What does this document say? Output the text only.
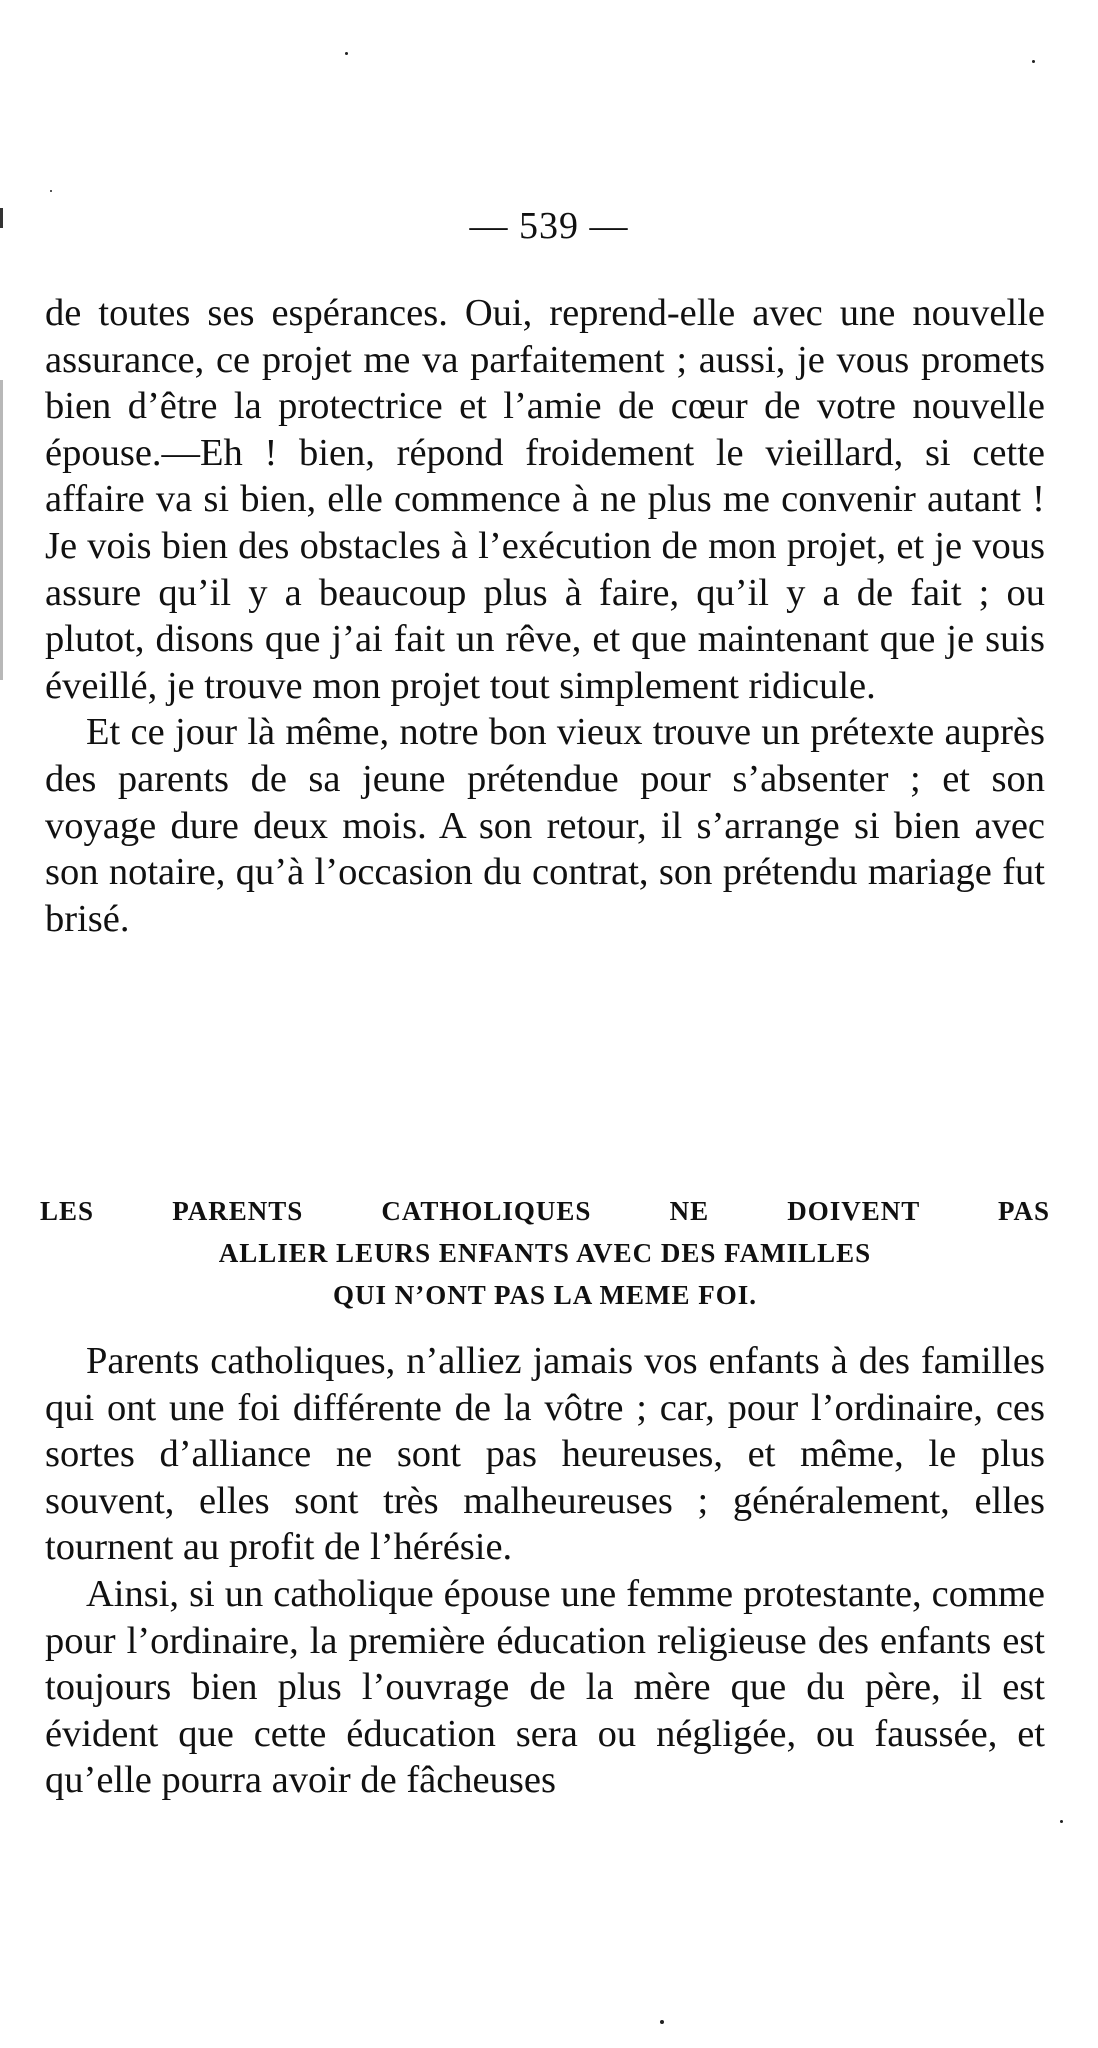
— 539 —

de toutes ses espérances. Oui, reprend-elle avec une nouvelle assurance, ce projet me va parfaitement ; aussi, je vous promets bien d’être la protectrice et l’amie de cœur de votre nouvelle épouse.—Eh ! bien, répond froidement le vieillard, si cette affaire va si bien, elle commence à ne plus me convenir autant ! Je vois bien des obstacles à l’exécution de mon projet, et je vous assure qu’il y a beaucoup plus à faire, qu’il y a de fait ; ou plutot, disons que j’ai fait un rêve, et que maintenant que je suis éveillé, je trouve mon projet tout simplement ridicule.

Et ce jour là même, notre bon vieux trouve un prétexte auprès des parents de sa jeune prétendue pour s’absenter ; et son voyage dure deux mois. A son retour, il s’arrange si bien avec son notaire, qu’à l’occasion du contrat, son prétendu mariage fut brisé.

LES PARENTS CATHOLIQUES NE DOIVENT PAS
ALLIER LEURS ENFANTS AVEC DES FAMILLES
QUI N’ONT PAS LA MEME FOI.

Parents catholiques, n’alliez jamais vos enfants à des familles qui ont une foi différente de la vôtre ; car, pour l’ordinaire, ces sortes d’alliance ne sont pas heureuses, et même, le plus souvent, elles sont très malheureuses ; généralement, elles tournent au profit de l’hérésie.

Ainsi, si un catholique épouse une femme protestante, comme pour l’ordinaire, la première éducation religieuse des enfants est toujours bien plus l’ouvrage de la mère que du père, il est évident que cette éducation sera ou négligée, ou faussée, et qu’elle pourra avoir de fâcheuses
